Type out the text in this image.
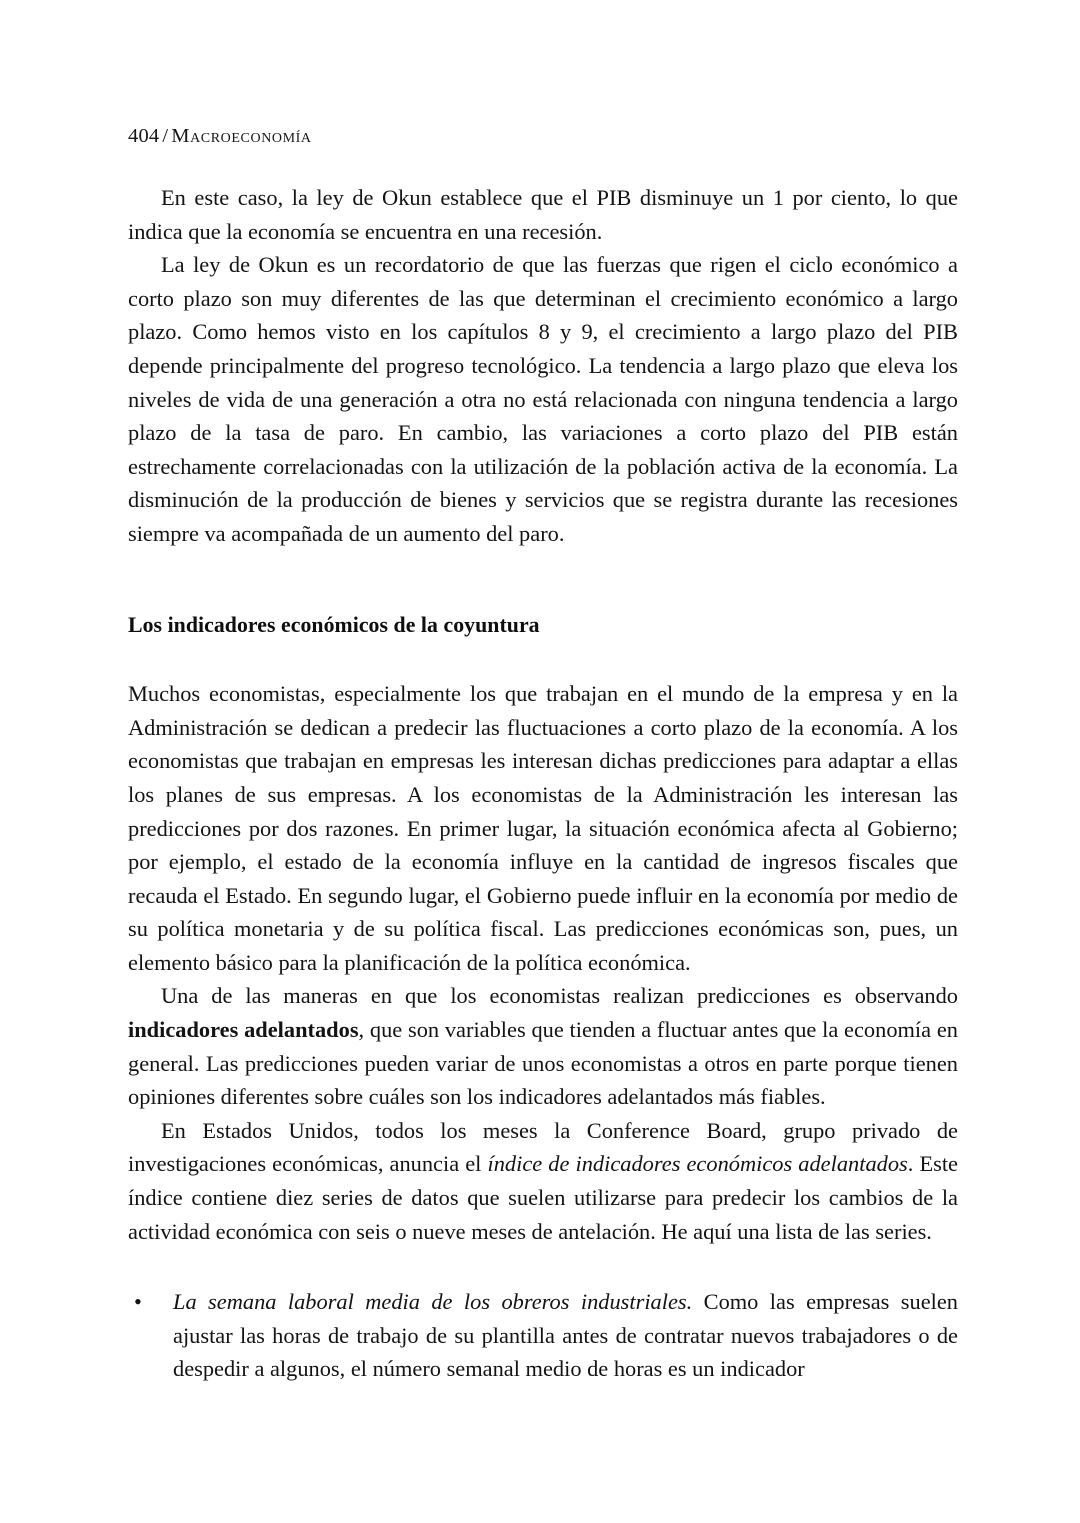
404 / Macroeconomía

En este caso, la ley de Okun establece que el PIB disminuye un 1 por ciento, lo que indica que la economía se encuentra en una recesión.

La ley de Okun es un recordatorio de que las fuerzas que rigen el ciclo económico a corto plazo son muy diferentes de las que determinan el crecimiento económico a largo plazo. Como hemos visto en los capítulos 8 y 9, el crecimiento a largo plazo del PIB depende principalmente del progreso tecnológico. La tendencia a largo plazo que eleva los niveles de vida de una generación a otra no está relacionada con ninguna tendencia a largo plazo de la tasa de paro. En cambio, las variaciones a corto plazo del PIB están estrechamente correlacionadas con la utilización de la población activa de la economía. La disminución de la producción de bienes y servicios que se registra durante las recesiones siempre va acompañada de un aumento del paro.

Los indicadores económicos de la coyuntura

Muchos economistas, especialmente los que trabajan en el mundo de la empresa y en la Administración se dedican a predecir las fluctuaciones a corto plazo de la economía. A los economistas que trabajan en empresas les interesan dichas predicciones para adaptar a ellas los planes de sus empresas. A los economistas de la Administración les interesan las predicciones por dos razones. En primer lugar, la situación económica afecta al Gobierno; por ejemplo, el estado de la economía influye en la cantidad de ingresos fiscales que recauda el Estado. En segundo lugar, el Gobierno puede influir en la economía por medio de su política monetaria y de su política fiscal. Las predicciones económicas son, pues, un elemento básico para la planificación de la política económica.

Una de las maneras en que los economistas realizan predicciones es observando indicadores adelantados, que son variables que tienden a fluctuar antes que la economía en general. Las predicciones pueden variar de unos economistas a otros en parte porque tienen opiniones diferentes sobre cuáles son los indicadores adelantados más fiables.

En Estados Unidos, todos los meses la Conference Board, grupo privado de investigaciones económicas, anuncia el índice de indicadores económicos adelantados. Este índice contiene diez series de datos que suelen utilizarse para predecir los cambios de la actividad económica con seis o nueve meses de antelación. He aquí una lista de las series.

• La semana laboral media de los obreros industriales. Como las empresas suelen ajustar las horas de trabajo de su plantilla antes de contratar nuevos trabajadores o de despedir a algunos, el número semanal medio de horas es un indicador
